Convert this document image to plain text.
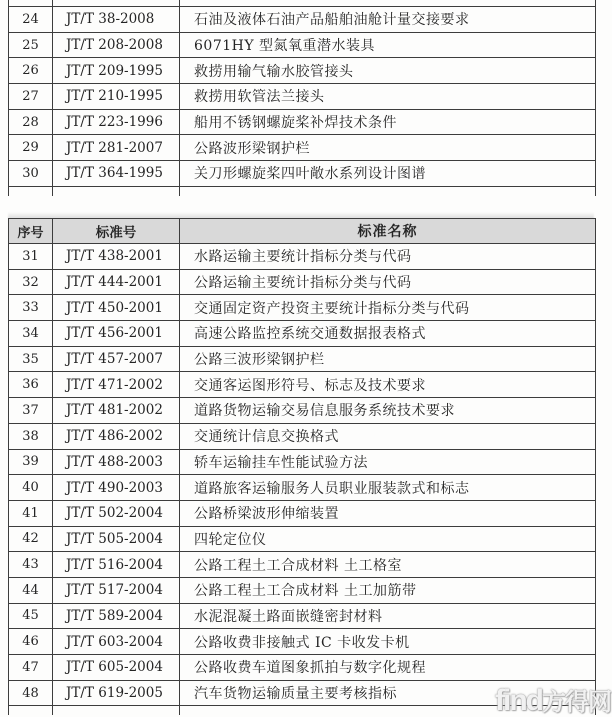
24	JT/T 38-2008	石油及液体石油产品船舶油舱计量交接要求
25	JT/T 208-2008	6071HY 型氮氧重潜水装具
26	JT/T 209-1995	救捞用输气输水胶管接头
27	JT/T 210-1995	救捞用软管法兰接头
28	JT/T 223-1996	船用不锈钢螺旋桨补焊技术条件
29	JT/T 281-2007	公路波形梁钢护栏
30	JT/T 364-1995	关刀形螺旋桨四叶敞水系列设计图谱
序号	标准号	标准名称
31	JT/T 438-2001	水路运输主要统计指标分类与代码
32	JT/T 444-2001	公路运输主要统计指标分类与代码
33	JT/T 450-2001	交通固定资产投资主要统计指标分类与代码
34	JT/T 456-2001	高速公路监控系统交通数据报表格式
35	JT/T 457-2007	公路三波形梁钢护栏
36	JT/T 471-2002	交通客运图形符号、标志及技术要求
37	JT/T 481-2002	道路货物运输交易信息服务系统技术要求
38	JT/T 486-2002	交通统计信息交换格式
39	JT/T 488-2003	轿车运输挂车性能试验方法
40	JT/T 490-2003	道路旅客运输服务人员职业服装款式和标志
41	JT/T 502-2004	公路桥梁波形伸缩装置
42	JT/T 505-2004	四轮定位仪
43	JT/T 516-2004	公路工程土工合成材料 土工格室
44	JT/T 517-2004	公路工程土工合成材料 土工加筋带
45	JT/T 589-2004	水泥混凝土路面嵌缝密封材料
46	JT/T 603-2004	公路收费非接触式 IC 卡收发卡机
47	JT/T 605-2004	公路收费车道图象抓拍与数字化规程
48	JT/T 619-2005	汽车货物运输质量主要考核指标	find方得网
